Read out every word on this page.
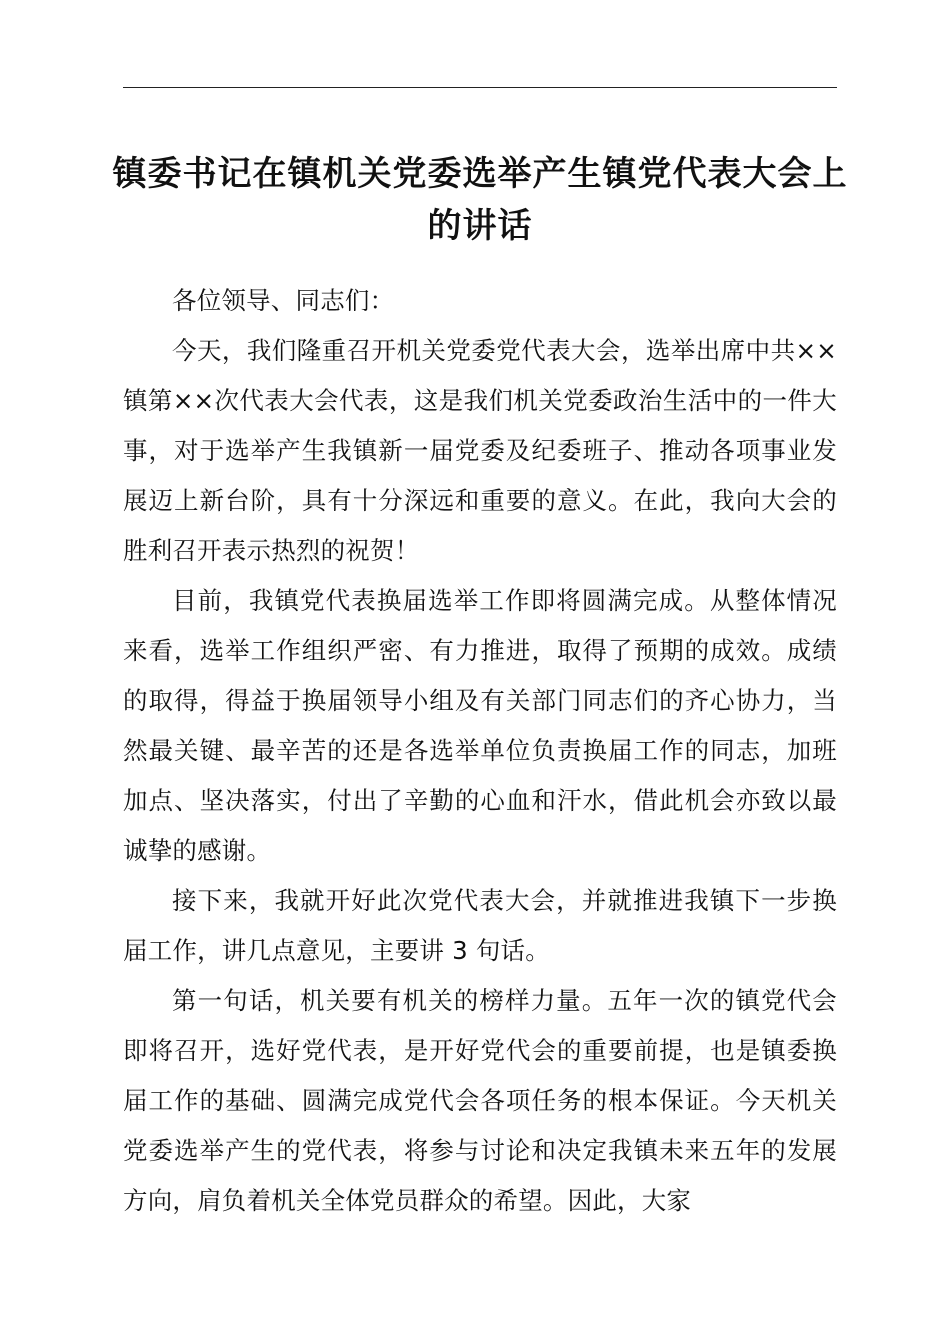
镇委书记在镇机关党委选举产生镇党代表大会上的讲话

各位领导、同志们：

今天，我们隆重召开机关党委党代表大会，选举出席中共××镇第××次代表大会代表，这是我们机关党委政治生活中的一件大事，对于选举产生我镇新一届党委及纪委班子、推动各项事业发展迈上新台阶，具有十分深远和重要的意义。在此，我向大会的胜利召开表示热烈的祝贺！

目前，我镇党代表换届选举工作即将圆满完成。从整体情况来看，选举工作组织严密、有力推进，取得了预期的成效。成绩的取得，得益于换届领导小组及有关部门同志们的齐心协力，当然最关键、最辛苦的还是各选举单位负责换届工作的同志，加班加点、坚决落实，付出了辛勤的心血和汗水，借此机会亦致以最诚挚的感谢。

接下来，我就开好此次党代表大会，并就推进我镇下一步换届工作，讲几点意见，主要讲 3 句话。

第一句话，机关要有机关的榜样力量。五年一次的镇党代会即将召开，选好党代表，是开好党代会的重要前提，也是镇委换届工作的基础、圆满完成党代会各项任务的根本保证。今天机关党委选举产生的党代表，将参与讨论和决定我镇未来五年的发展方向，肩负着机关全体党员群众的希望。因此，大家
